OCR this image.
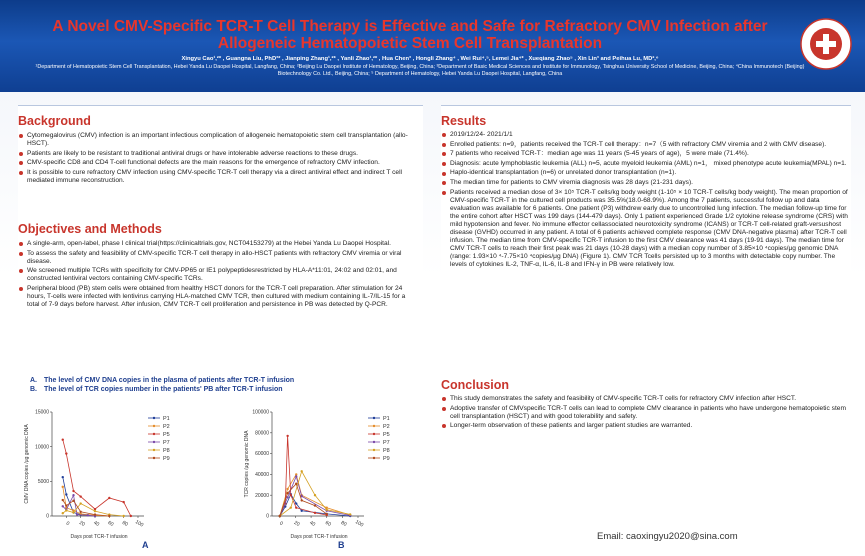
A Novel CMV-Specific TCR-T Cell Therapy is Effective and Safe for Refractory CMV Infection after Allogeneic Hematopoietic Stem Cell Transplantation
Xingyu Cao¹,²* , Guangna Liu, PhD³* , Jianping Zhang¹,²* , Yanli Zhao¹,²* , Hua Chen³ , Hongli Zhang⁴ , Wei Rui⁴,⁵, Lemei Jia⁴* , Xueqiang Zhao⁵ , Xin Lin³ and Peihua Lu, MD²,⁶
¹Department of Hematopoietic Stem Cell Transplantation, Hebei Yanda Lu Daopei Hospital, Langfang, China; ²Beijing Lu Daopei Institute of Hematology, Beijing, China; ³Department of Basic Medical Sciences and Institute for Immunology, Tsinghua University School of Medicine, Beijing, China; ⁴China Immunotech (Beijing) Biotechnology Co. Ltd., Beijing, China; ⁵ Department of Hematology, Hebei Yanda Lu Daopei Hospital, Langfang, China
Background
Cytomegalovirus (CMV) infection is an important infectious complication of allogeneic hematopoietic stem cell transplantation (allo-HSCT).
Patients are likely to be resistant to traditional antiviral drugs or have intolerable adverse reactions to these drugs.
CMV-specific CD8 and CD4 T-cell functional defects are the main reasons for the emergence of refractory CMV infection.
It is possible to cure refractory CMV infection using CMV-specific TCR-T cell therapy via a direct antiviral effect and indirect T cell mediated immune reconstruction.
Objectives and Methods
A single-arm, open-label, phase I clinical trial(https://clinicaltrials.gov, NCT04153279) at the Hebei Yanda Lu Daopei Hospital.
To assess the safety and feasibility of CMV-specific TCR-T cell therapy in allo-HSCT patients with refractory CMV viremia or viral disease.
We screened multiple TCRs with specificity for CMV-PP65 or IE1 polypeptidesrestricted by HLA-A*11:01, 24:02 and 02:01, and constructed lentiviral vectors containing CMV-specific TCRs.
Peripheral blood (PB) stem cells were obtained from healthy HSCT donors for the TCR-T cell preparation. After stimulation for 24 hours, T-cells were infected with lentivirus carrying HLA-matched CMV TCR, then cultured with medium containing IL-7/IL-15 for a total of 7-9 days before harvest. After infusion, CMV TCR-T cell proliferation and persistence in PB was detected by Q-PCR.
A. The level of CMV DNA copies in the plasma of patients after TCR-T infusion
B. The level of TCR copies number in the patients' PB after TCR-T infusion
0
5000
10000
15000
0 20 40 60 80 100
Days post TCR-T infusion
CMV DNA copies /μg genomic DNA
P1
P2
P5
P7
P8
P9
A
0
20000
40000
60000
80000
100000
0 20 40 60 80 100
Days post TCR-T infusion
TCR copies /μg genomic DNA
P1
P2
P5
P7
P8
P9
B
Results
2019/12/24- 2021/1/1
Enrolled patients: n=9，patients received the TCR-T cell therapy：n=7（5 with refractory CMV viremia and 2 with CMV disease).
7 patients who received TCR-T：median age was 11 years (5-45 years of age)，5 were male (71.4%).
Diagnosis: acute lymphoblastic leukemia (ALL) n=5, acute myeloid leukemia (AML) n=1， mixed phenotype acute leukemia(MPAL) n=1.
Haplo-identical transplantation (n=6) or unrelated donor transplantation (n=1).
The median time for patients to CMV viremia diagnosis was 28 days (21-231 days).
Patients received a median dose of 3× 10⁵ TCR-T cells/kg body weight (1-10⁵ × 10 TCR-T cells/kg body weight). The mean proportion of CMV-specific TCR-T in the cultured cell products was 35.5%(18.0-68.9%). Among the 7 patients, successful follow up and data evaluation was available for 6 patients. One patient (P3) withdrew early due to uncontrolled lung infection. The median follow-up time for the entire cohort after HSCT was 199 days (144-479 days). Only 1 patient experienced Grade 1/2 cytokine release syndrome (CRS) with mild hypotension and fever. No immune effector cellassociated neurotoxicity syndrome (ICANS) or TCR-T cell-related graft-versushost disease (GVHD) occurred in any patient. A total of 6 patients achieved complete response (CMV DNA-negative plasma) after TCR-T cell infusion. The median time from CMV-specific TCR-T infusion to the first CMV clearance was 41 days (19-91 days). The median time for CMV TCR-T cells to reach their first peak was 21 days (10-28 days) with a median copy number of 3.85×10 ⁴copies/μg genomic DNA (range: 1.93×10 ⁴-7.75×10 ⁴copies/μg DNA) (Figure 1). CMV TCR Tcells persisted up to 3 months with detectable copy number. The levels of cytokines IL-2, TNF-α, IL-6, IL-8 and IFN-γ in PB were relatively low.
Conclusion
This study demonstrates the safety and feasibility of CMV-specific TCR-T cells for refractory CMV infection after HSCT.
Adoptive transfer of CMVspecific TCR-T cells can lead to complete CMV clearance in patients who have undergone hematopoietic stem cell transplantation (HSCT) and with good tolerability and safety.
Longer-term observation of these patients and larger patient studies are warranted.
Email: caoxingyu2020@sina.com
